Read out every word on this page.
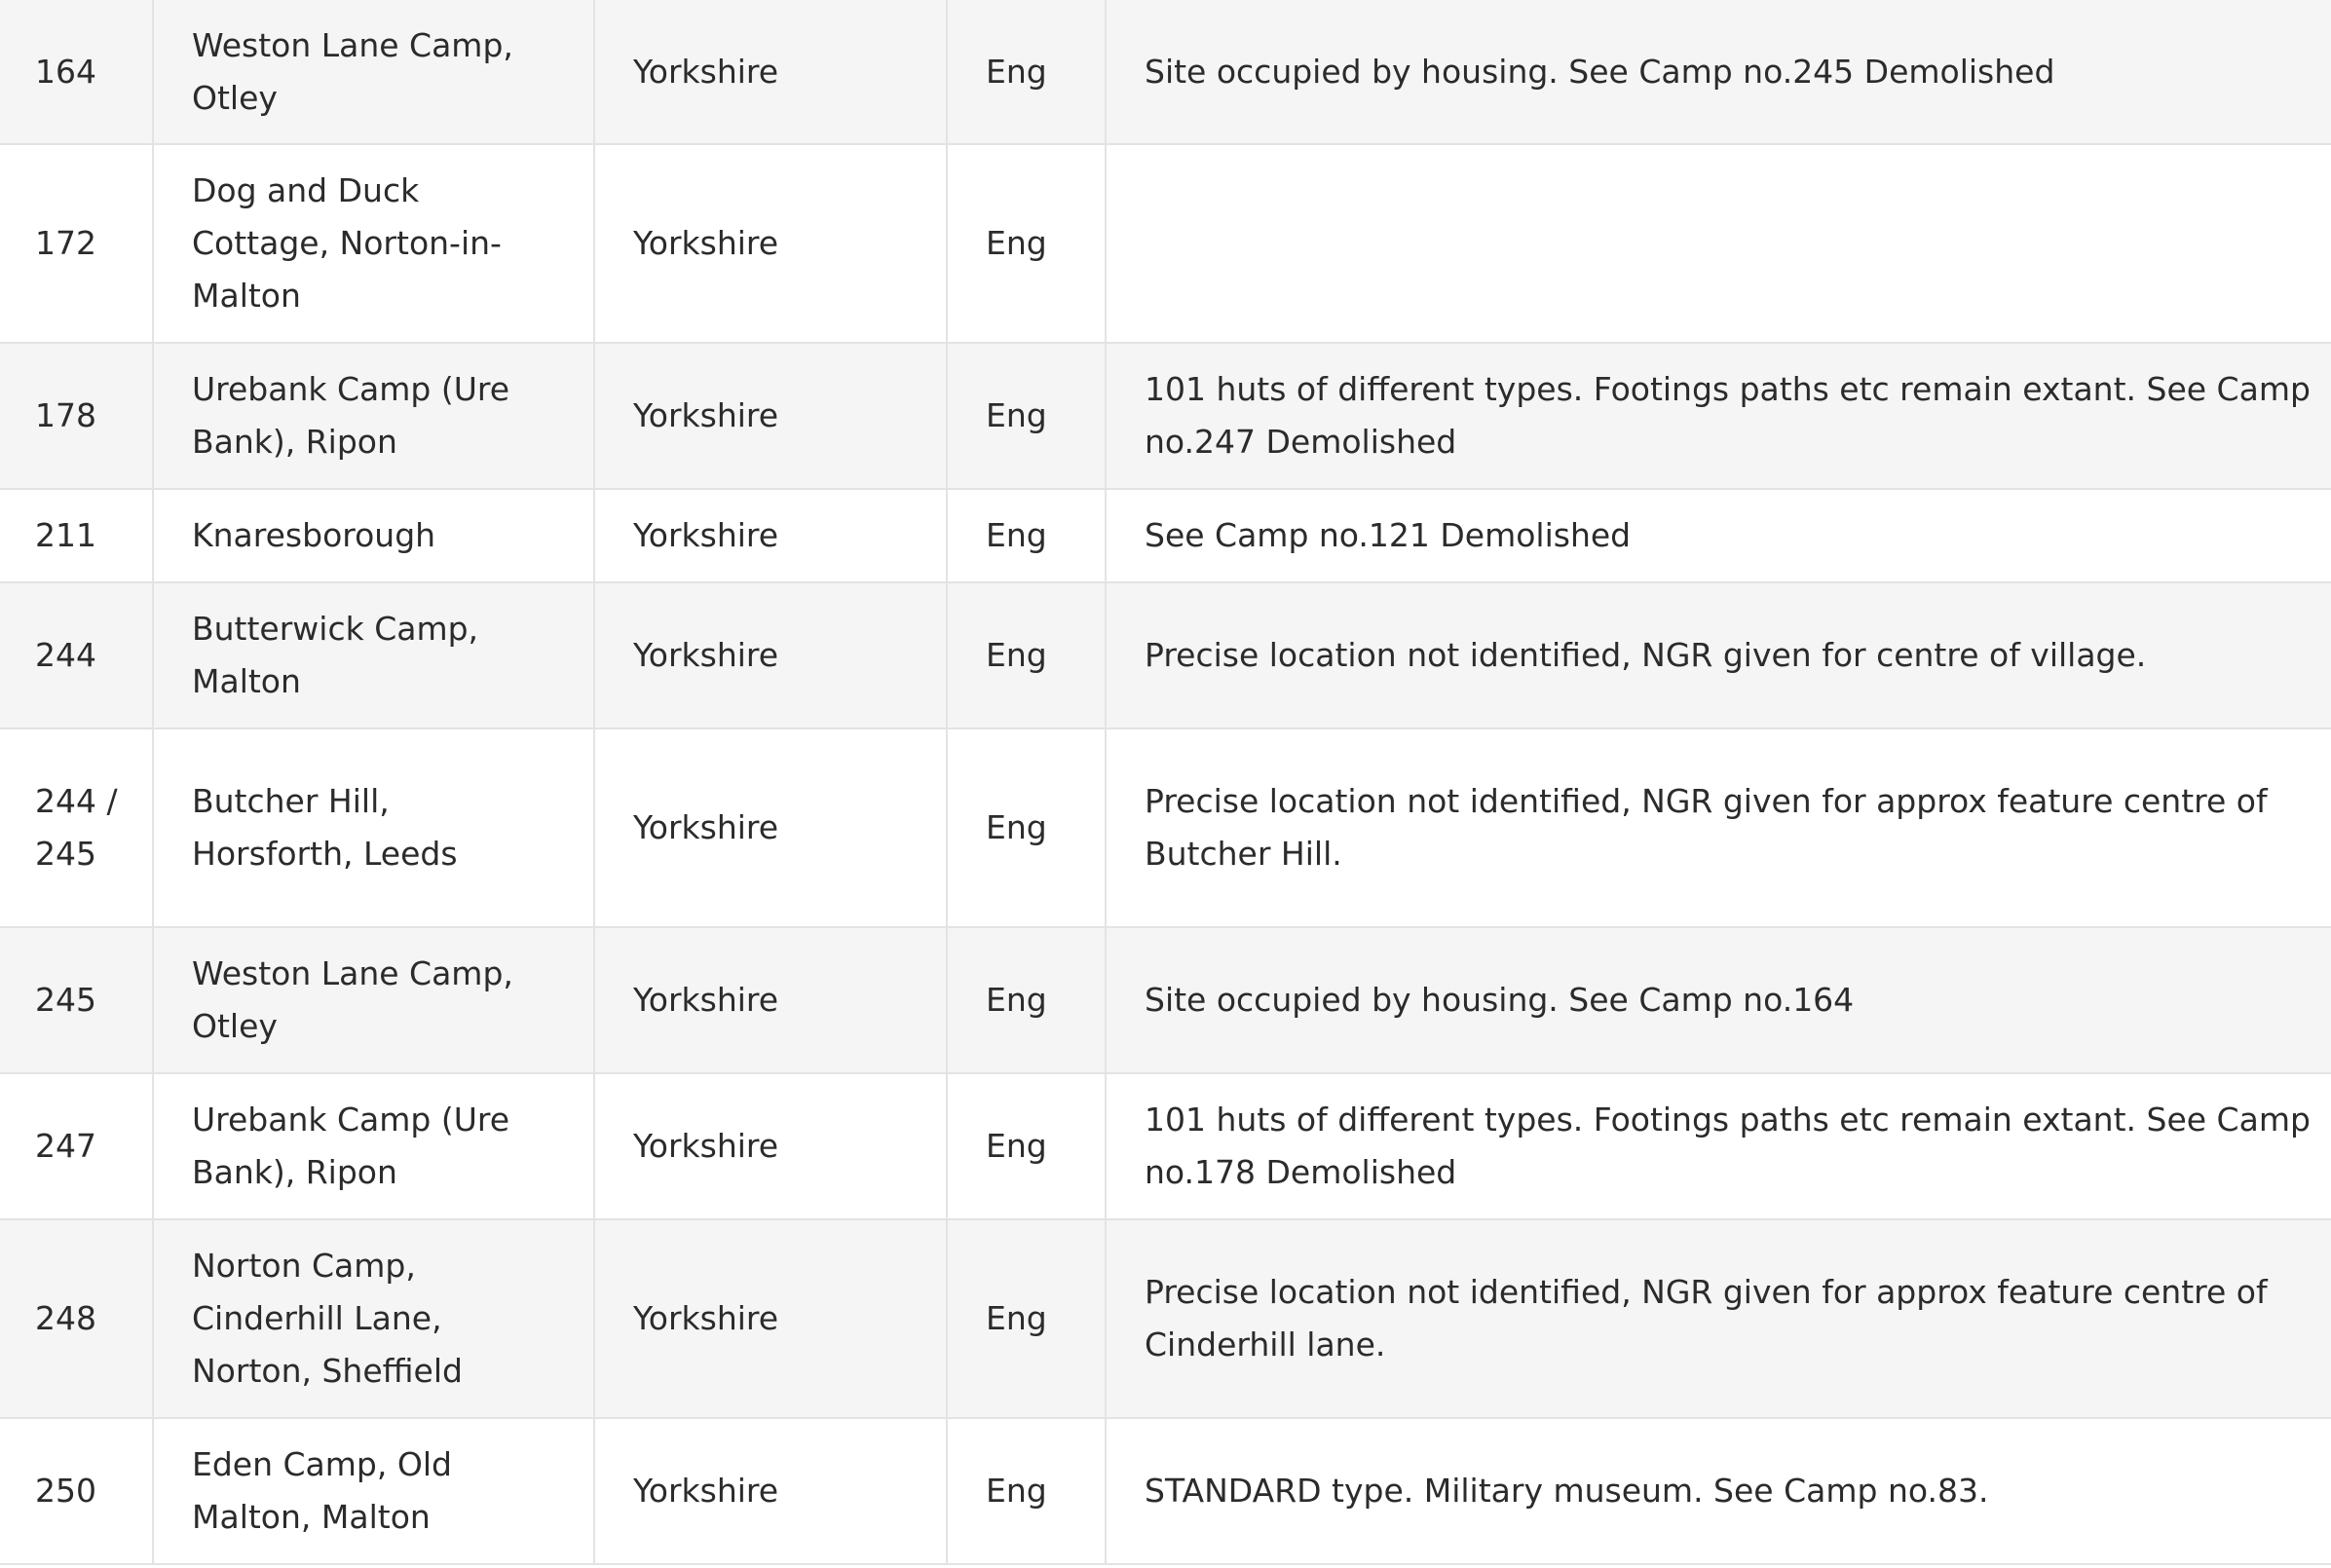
164	Weston Lane Camp, Otley	Yorkshire	Eng	Site occupied by housing. See Camp no.245 Demolished
172	Dog and Duck Cottage, Norton-in-Malton	Yorkshire	Eng	
178	Urebank Camp (Ure Bank), Ripon	Yorkshire	Eng	101 huts of different types. Footings paths etc remain extant. See Camp no.247 Demolished
211	Knaresborough	Yorkshire	Eng	See Camp no.121 Demolished
244	Butterwick Camp, Malton	Yorkshire	Eng	Precise location not identified, NGR given for centre of village.
244 / 245	Butcher Hill, Horsforth, Leeds	Yorkshire	Eng	Precise location not identified, NGR given for approx feature centre of Butcher Hill.
245	Weston Lane Camp, Otley	Yorkshire	Eng	Site occupied by housing. See Camp no.164
247	Urebank Camp (Ure Bank), Ripon	Yorkshire	Eng	101 huts of different types. Footings paths etc remain extant. See Camp no.178 Demolished
248	Norton Camp, Cinderhill Lane, Norton, Sheffield	Yorkshire	Eng	Precise location not identified, NGR given for approx feature centre of Cinderhill lane.
250	Eden Camp, Old Malton, Malton	Yorkshire	Eng	STANDARD type. Military museum. See Camp no.83.
